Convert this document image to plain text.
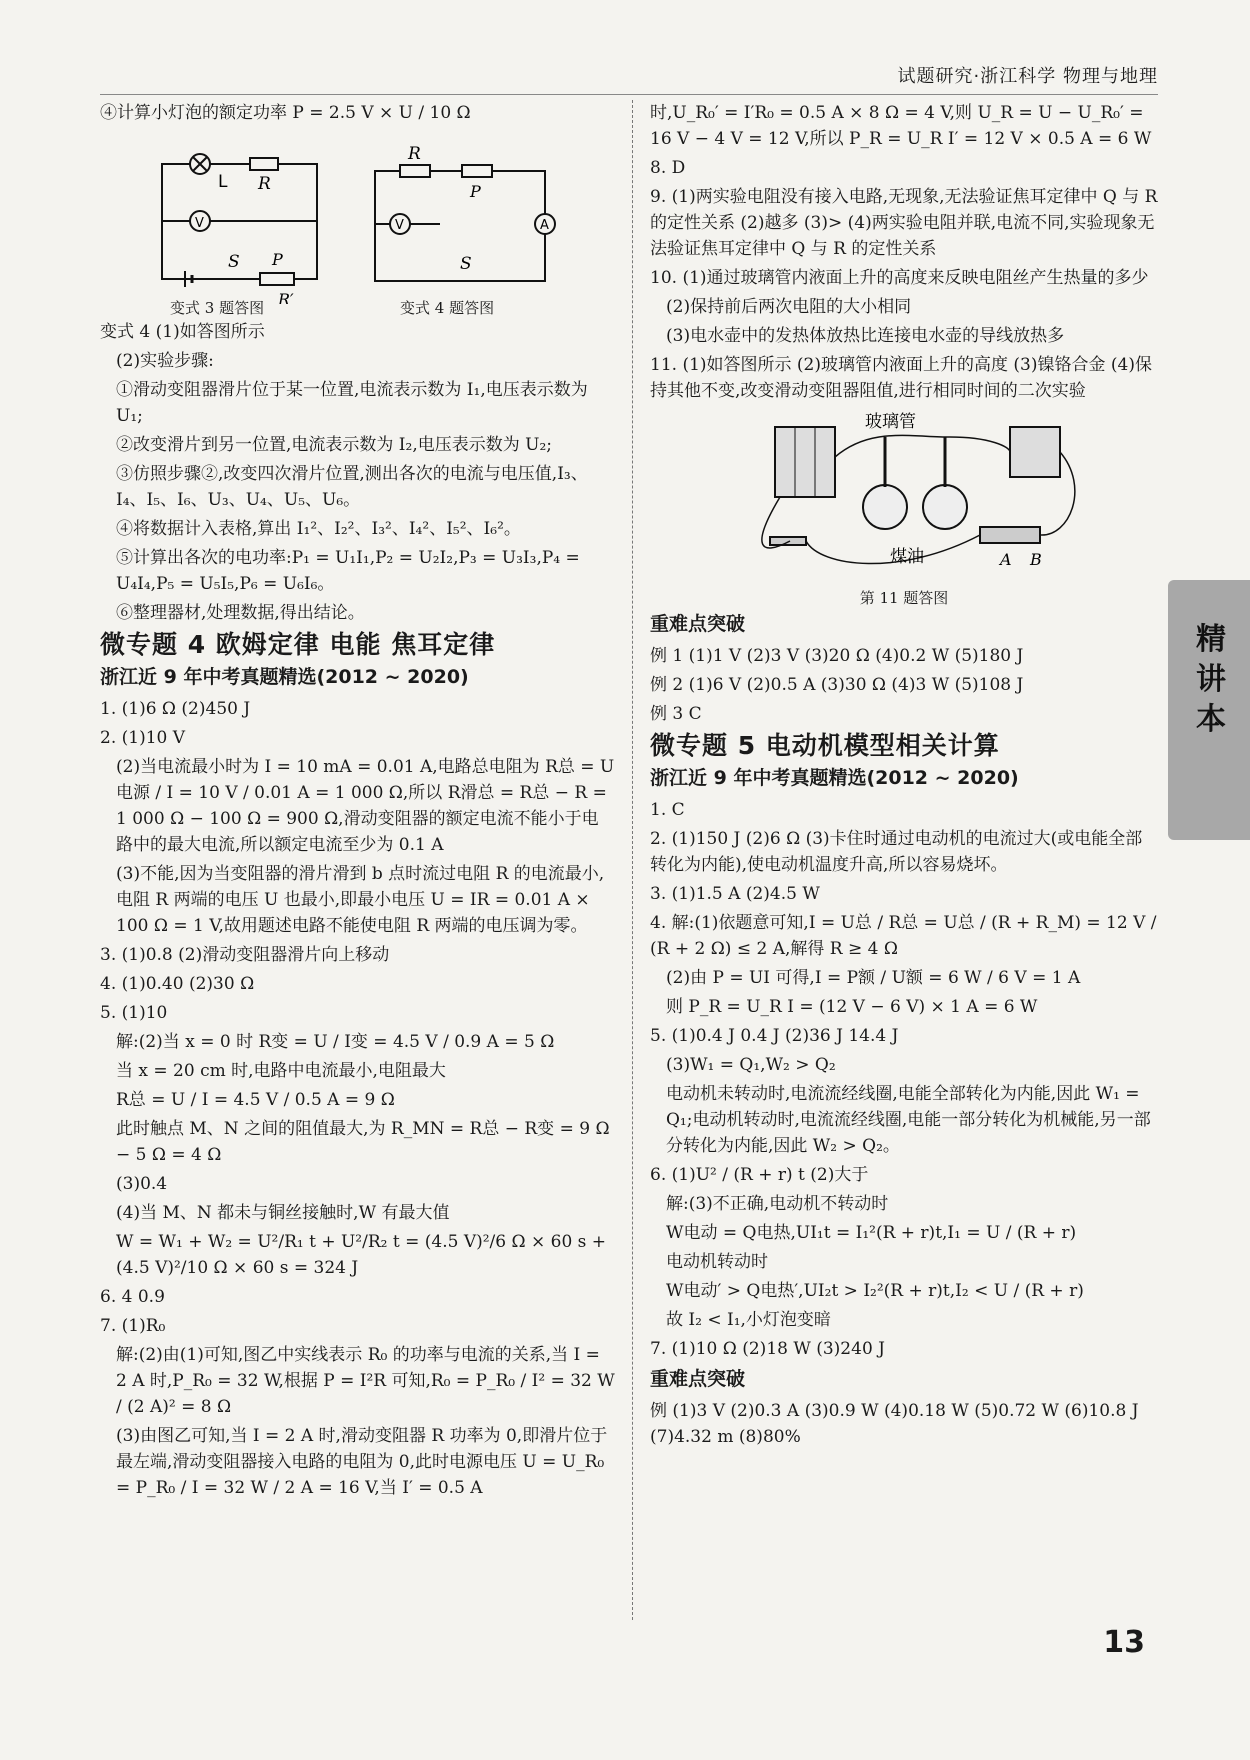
试题研究·浙江科学 物理与地理
④计算小灯泡的额定功率 P = 2.5 V × U / 10 Ω
L R
V
S P
R′
R
P
V	A
S
变式 3 题答图	变式 4 题答图
变式 4 (1)如答图所示
(2)实验步骤:
①滑动变阻器滑片位于某一位置,电流表示数为 I₁,电压表示数为 U₁;
②改变滑片到另一位置,电流表示数为 I₂,电压表示数为 U₂;
③仿照步骤②,改变四次滑片位置,测出各次的电流与电压值,I₃、I₄、I₅、I₆、U₃、U₄、U₅、U₆。
④将数据计入表格,算出 I₁²、I₂²、I₃²、I₄²、I₅²、I₆²。
⑤计算出各次的电功率:P₁ = U₁I₁,P₂ = U₂I₂,P₃ = U₃I₃,P₄ = U₄I₄,P₅ = U₅I₅,P₆ = U₆I₆。
⑥整理器材,处理数据,得出结论。
微专题 4 欧姆定律 电能 焦耳定律
浙江近 9 年中考真题精选(2012 ~ 2020)
1. (1)6 Ω (2)450 J
2. (1)10 V
(2)当电流最小时为 I = 10 mA = 0.01 A,电路总电阻为 R总 = U电源 / I = 10 V / 0.01 A = 1 000 Ω,所以 R滑总 = R总 − R = 1 000 Ω − 100 Ω = 900 Ω,滑动变阻器的额定电流不能小于电路中的最大电流,所以额定电流至少为 0.1 A
(3)不能,因为当变阻器的滑片滑到 b 点时流过电阻 R 的电流最小,电阻 R 两端的电压 U 也最小,即最小电压 U = IR = 0.01 A × 100 Ω = 1 V,故用题述电路不能使电阻 R 两端的电压调为零。
3. (1)0.8 (2)滑动变阻器滑片向上移动
4. (1)0.40 (2)30 Ω
5. (1)10
解:(2)当 x = 0 时 R变 = U / I变 = 4.5 V / 0.9 A = 5 Ω
当 x = 20 cm 时,电路中电流最小,电阻最大
R总 = U / I = 4.5 V / 0.5 A = 9 Ω
此时触点 M、N 之间的阻值最大,为 R_MN = R总 − R变 = 9 Ω − 5 Ω = 4 Ω
(3)0.4
(4)当 M、N 都未与铜丝接触时,W 有最大值
W = W₁ + W₂ = U²/R₁ t + U²/R₂ t = (4.5 V)²/6 Ω × 60 s + (4.5 V)²/10 Ω × 60 s = 324 J
6. 4 0.9
7. (1)R₀
解:(2)由(1)可知,图乙中实线表示 R₀ 的功率与电流的关系,当 I = 2 A 时,P_R₀ = 32 W,根据 P = I²R 可知,R₀ = P_R₀ / I² = 32 W / (2 A)² = 8 Ω
(3)由图乙可知,当 I = 2 A 时,滑动变阻器 R 功率为 0,即滑片位于最左端,滑动变阻器接入电路的电阻为 0,此时电源电压 U = U_R₀ = P_R₀ / I = 32 W / 2 A = 16 V,当 I′ = 0.5 A
时,U_R₀′ = I′R₀ = 0.5 A × 8 Ω = 4 V,则 U_R = U − U_R₀′ = 16 V − 4 V = 12 V,所以 P_R = U_R I′ = 12 V × 0.5 A = 6 W
8. D
9. (1)两实验电阻没有接入电路,无现象,无法验证焦耳定律中 Q 与 R 的定性关系 (2)越多 (3)> (4)两实验电阻并联,电流不同,实验现象无法验证焦耳定律中 Q 与 R 的定性关系
10. (1)通过玻璃管内液面上升的高度来反映电阻丝产生热量的多少
(2)保持前后两次电阻的大小相同
(3)电水壶中的发热体放热比连接电水壶的导线放热多
11. (1)如答图所示 (2)玻璃管内液面上升的高度 (3)镍铬合金 (4)保持其他不变,改变滑动变阻器阻值,进行相同时间的二次实验
玻璃管
煤油	A B
第 11 题答图
重难点突破
例 1 (1)1 V (2)3 V (3)20 Ω (4)0.2 W (5)180 J
例 2 (1)6 V (2)0.5 A (3)30 Ω (4)3 W (5)108 J
例 3 C
微专题 5 电动机模型相关计算
浙江近 9 年中考真题精选(2012 ~ 2020)
1. C
2. (1)150 J (2)6 Ω (3)卡住时通过电动机的电流过大(或电能全部转化为内能),使电动机温度升高,所以容易烧坏。
3. (1)1.5 A (2)4.5 W
4. 解:(1)依题意可知,I = U总 / R总 = U总 / (R + R_M) = 12 V / (R + 2 Ω) ≤ 2 A,解得 R ≥ 4 Ω
(2)由 P = UI 可得,I = P额 / U额 = 6 W / 6 V = 1 A
则 P_R = U_R I = (12 V − 6 V) × 1 A = 6 W
5. (1)0.4 J 0.4 J (2)36 J 14.4 J
(3)W₁ = Q₁,W₂ > Q₂
电动机未转动时,电流流经线圈,电能全部转化为内能,因此 W₁ = Q₁;电动机转动时,电流流经线圈,电能一部分转化为机械能,另一部分转化为内能,因此 W₂ > Q₂。
6. (1)U² / (R + r) t (2)大于
解:(3)不正确,电动机不转动时
W电动 = Q电热,UI₁t = I₁²(R + r)t,I₁ = U / (R + r)
电动机转动时
W电动′ > Q电热′,UI₂t > I₂²(R + r)t,I₂ < U / (R + r)
故 I₂ < I₁,小灯泡变暗
7. (1)10 Ω (2)18 W (3)240 J
重难点突破
例 (1)3 V (2)0.3 A (3)0.9 W (4)0.18 W (5)0.72 W (6)10.8 J (7)4.32 m (8)80%
精讲本
13
